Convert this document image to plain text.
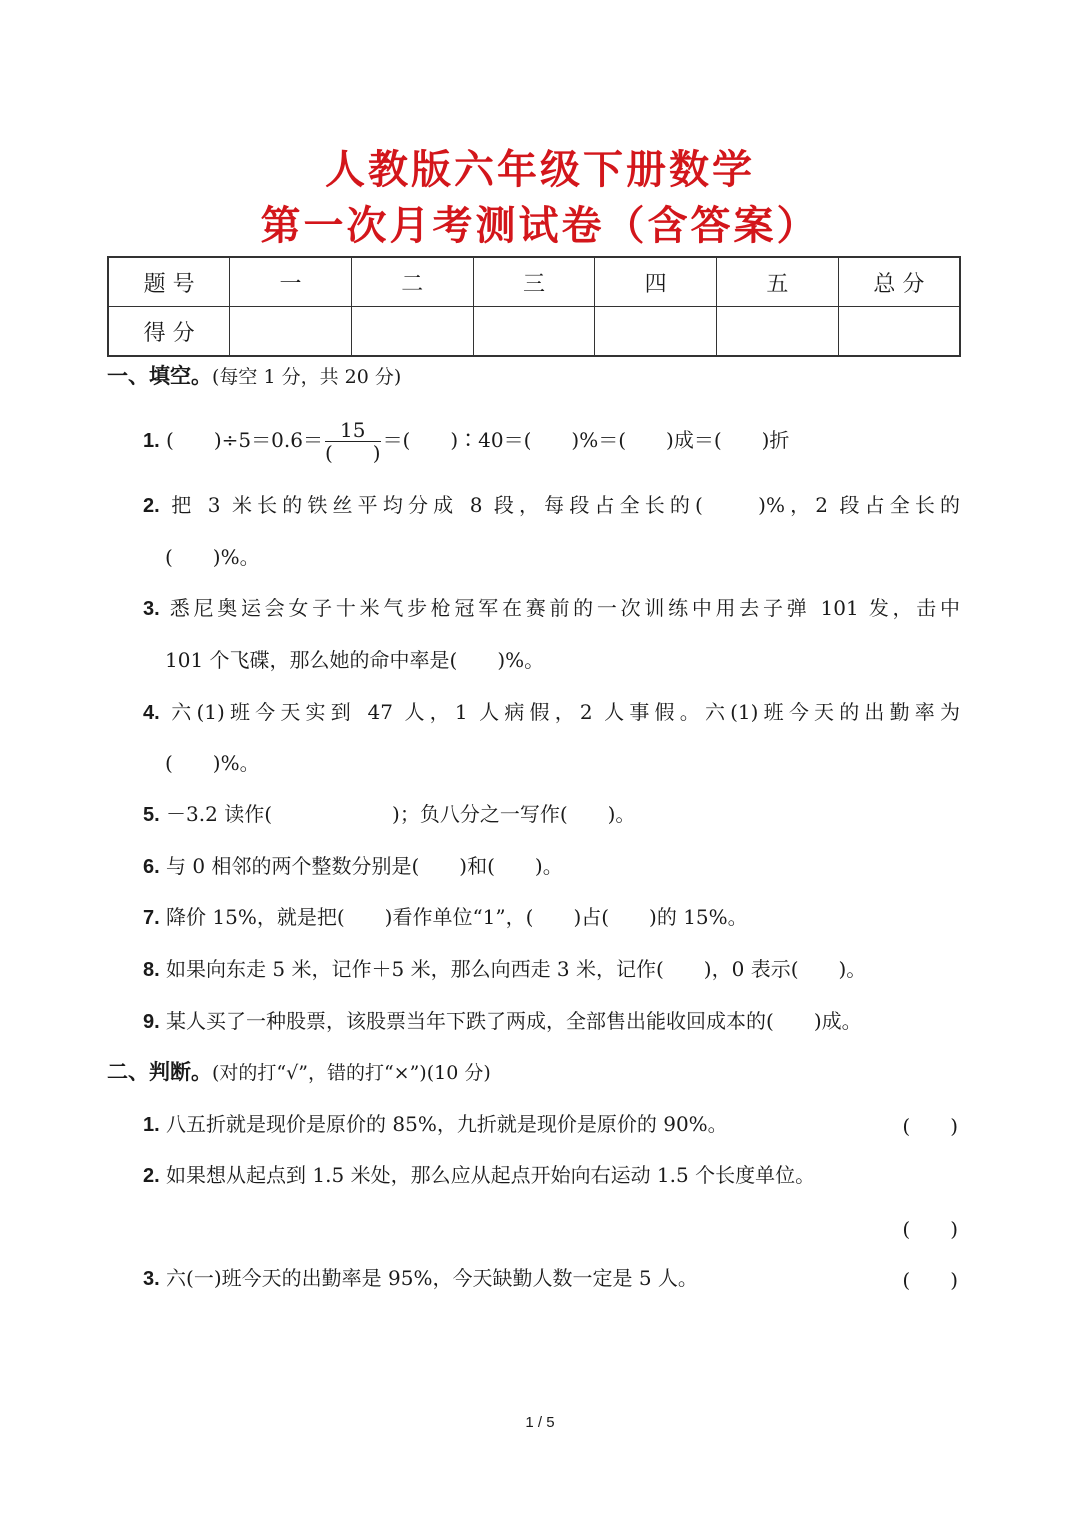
人教版六年级下册数学
第一次月考测试卷（含答案）
题 号	一	二	三	四	五	总 分
得 分						
一、填空。(每空 1 分，共 20 分)
1. (　　)$\div 5=0.6= \frac{15}{( )}$ ＝(　　)∶40＝(　　)%＝(　　)成＝(　　)折
2. 把 3 米长的铁丝平均分成 8 段，每段占全长的(　　)%，2 段占全长的
(　　)%。
3. 悉尼奥运会女子十米气步枪冠军在赛前的一次训练中用去子弹 101 发，击中
101 个飞碟，那么她的命中率是(　　)%。
4. 六(1)班今天实到 47 人，1 人病假，2 人事假。六(1)班今天的出勤率为
(　　)%。
5. －3.2 读作(　　　　　　)；负八分之一写作(　　)。
6. 与 0 相邻的两个整数分别是(　　)和(　　)。
7. 降价 15%，就是把(　　)看作单位“1”，(　　)占(　　)的 15%。
8. 如果向东走 5 米，记作＋5 米，那么向西走 3 米，记作(　　)，0 表示(　　)。
9. 某人买了一种股票，该股票当年下跌了两成，全部售出能收回成本的(　　)成。
二、判断。(对的打“√”，错的打“×”)(10 分)
1. 八五折就是现价是原价的 85%，九折就是现价是原价的 90%。	(　　)
2. 如果想从起点到 1.5 米处，那么应从起点开始向右运动 1.5 个长度单位。
(　　)
3. 六(一)班今天的出勤率是 95%，今天缺勤人数一定是 5 人。	(　　)
1 / 5
